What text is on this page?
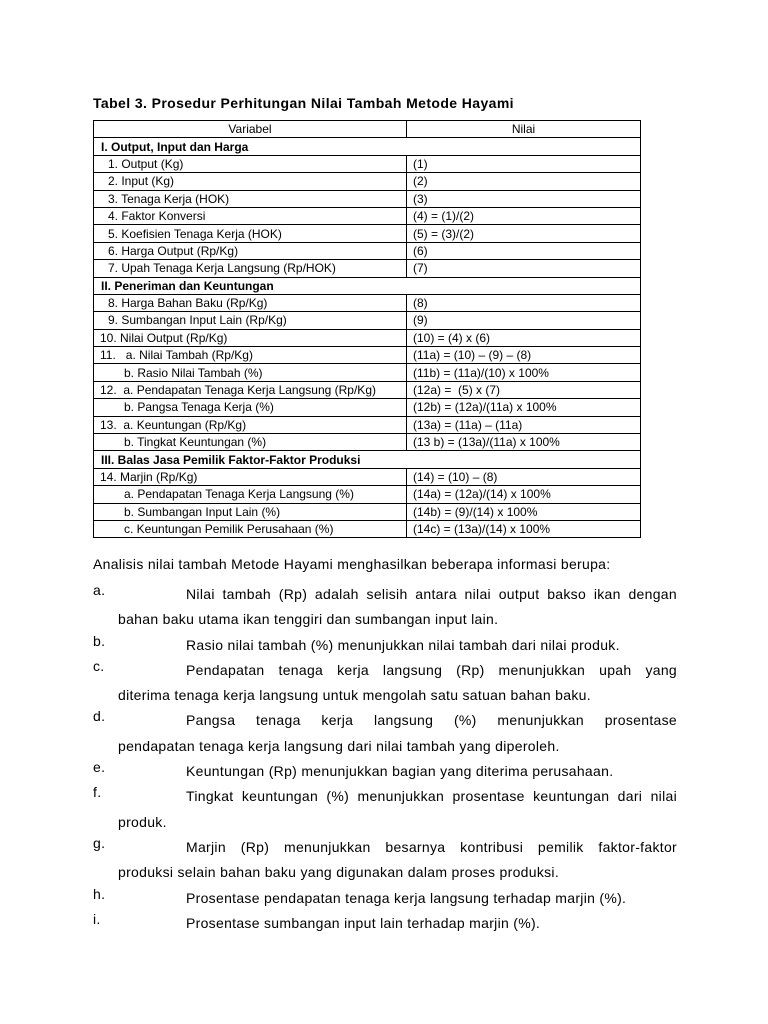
Tabel 3. Prosedur Perhitungan Nilai Tambah Metode Hayami
Variabel	Nilai
I. Output, Input dan Harga	
1. Output (Kg)	(1)
2. Input (Kg)	(2)
3. Tenaga Kerja (HOK)	(3)
4. Faktor Konversi	(4) = (1)/(2)
5. Koefisien Tenaga Kerja (HOK)	(5) = (3)/(2)
6. Harga Output (Rp/Kg)	(6)
7. Upah Tenaga Kerja Langsung (Rp/HOK)	(7)
II. Peneriman dan Keuntungan	
8. Harga Bahan Baku (Rp/Kg)	(8)
9. Sumbangan Input Lain (Rp/Kg)	(9)
10. Nilai Output (Rp/Kg)	(10) = (4) x (6)
11.   a. Nilai Tambah (Rp/Kg)	(11a) = (10) – (9) – (8)
b. Rasio Nilai Tambah (%)	(11b) = (11a)/(10) x 100%
12.  a. Pendapatan Tenaga Kerja Langsung (Rp/Kg)	(12a) =  (5) x (7)
b. Pangsa Tenaga Kerja (%)	(12b) = (12a)/(11a) x 100%
13.  a. Keuntungan (Rp/Kg)	(13a) = (11a) – (11a)
b. Tingkat Keuntungan (%)	(13 b) = (13a)/(11a) x 100%
III. Balas Jasa Pemilik Faktor-Faktor Produksi	
14. Marjin (Rp/Kg)	(14) = (10) – (8)
a. Pendapatan Tenaga Kerja Langsung (%)	(14a) = (12a)/(14) x 100%
b. Sumbangan Input Lain (%)	(14b) = (9)/(14) x 100%
c. Keuntungan Pemilik Perusahaan (%)	(14c) = (13a)/(14) x 100%
Analisis nilai tambah Metode Hayami menghasilkan beberapa informasi berupa:
a.	Nilai tambah (Rp) adalah selisih antara nilai output bakso ikan dengan
bahan baku utama ikan tenggiri dan sumbangan input lain.
b.	Rasio nilai tambah (%) menunjukkan nilai tambah dari nilai produk.
c.	Pendapatan tenaga kerja langsung (Rp) menunjukkan upah yang
diterima tenaga kerja langsung untuk mengolah satu satuan bahan baku.
d.	Pangsa tenaga kerja langsung (%) menunjukkan prosentase
pendapatan tenaga kerja langsung dari nilai tambah yang diperoleh.
e.	Keuntungan (Rp) menunjukkan bagian yang diterima perusahaan.
f.	Tingkat keuntungan (%) menunjukkan prosentase keuntungan dari nilai
produk.
g.	Marjin (Rp) menunjukkan besarnya kontribusi pemilik faktor-faktor
produksi selain bahan baku yang digunakan dalam proses produksi.
h.	Prosentase pendapatan tenaga kerja langsung terhadap marjin (%).
i.	Prosentase sumbangan input lain terhadap marjin (%).
